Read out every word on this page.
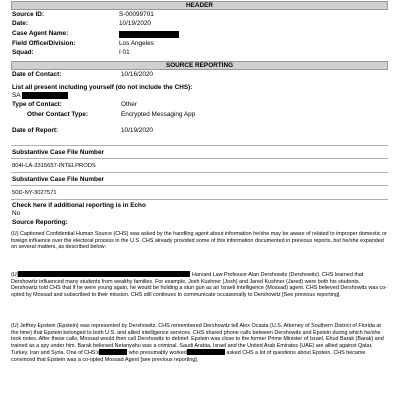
HEADER
Source ID:	S-00099701
Date:	10/19/2020
Case Agent Name:
Field Office/Division:	Los Angeles
Squad:	I 01
SOURCE REPORTING
Date of Contact:	10/16/2020
List all present including yourself (do not include the CHS):
SA
Type of Contact:	Other
Other Contact Type:	Encrypted Messaging App
Date of Report:	10/19/2020
Substantive Case File Number
804I-LA-3315657-INTELPRODS
Substantive Case File Number
50D-NY-3027571
Check here if additional reporting is in Echo
No
Source Reporting:
(U) Captioned Confidential Human Source (CHS) was asked by the handling agent about information he/she may be aware of related to improper domestic or foreign influence over the electoral process in the U.S. CHS already provided some of this information documented in previous reports, but he/she expanded on several matters, as described below:
(U)	Harvard Law Professor Alan Dershowitz (Dershowitz). CHS learned that Dershowitz influenced many students from wealthy families. For example, Josh Kushner (Josh) and Jared Kushner (Jared) were both his students. Dershowitz told CHS that if he were young again, he would be holding a stun gun as an Israeli Intelligence (Mossad) agent. CHS believed Dershowitz was co-opted by Mossad and subscribed to their mission. CHS still continues to communicate occasionally to Dershowitz [See previous reporting].
(U) Jeffrey Epstein (Epstein) was represented by Dershowitz. CHS remembered Dershowitz tell Alex Ocasta (U.S. Attorney of Southern District of Florida at the time) that Epstein belonged to both U.S. and allied intelligence services. CHS shared phone calls between Dershowitz and Epstein during which he/she took notes. After these calls, Mossad would then call Dershowitz to debrief. Epstein was close to the former Prime Minister of Israel, Ehud Barak (Barak) and trained as a spy under him. Barak believed Netanyahu was a criminal. Saudi Arabia, Israel and the United Arab Emirates (UAE) are allied against Qatar, Turkey, Iran and Syria. One of CHS's	who presumably worked	asked CHS a lot of questions about Epstein. CHS became convinced that Epstein was a co-opted Mossad Agent [see previous reporting].
